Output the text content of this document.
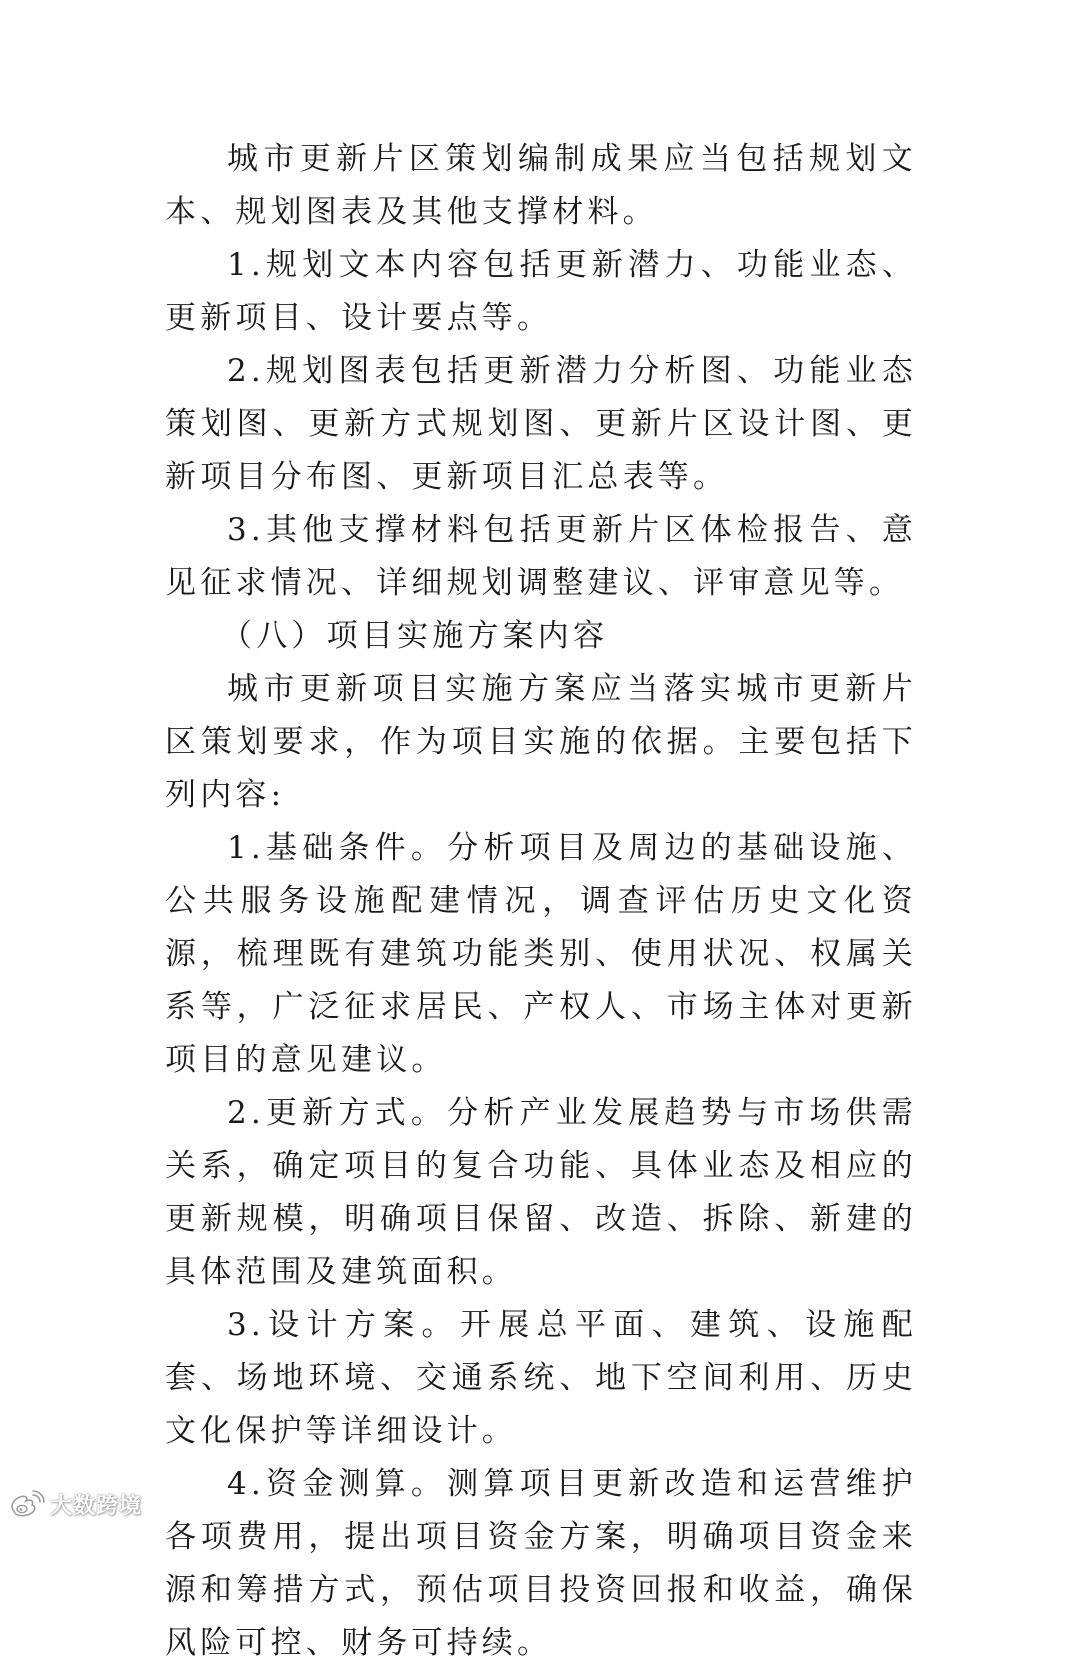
城市更新片区策划编制成果应当包括规划文本、规划图表及其他支撑材料。

1.规划文本内容包括更新潜力、功能业态、更新项目、设计要点等。

2.规划图表包括更新潜力分析图、功能业态策划图、更新方式规划图、更新片区设计图、更新项目分布图、更新项目汇总表等。

3.其他支撑材料包括更新片区体检报告、意见征求情况、详细规划调整建议、评审意见等。

（八）项目实施方案内容

城市更新项目实施方案应当落实城市更新片区策划要求，作为项目实施的依据。主要包括下列内容:

1.基础条件。分析项目及周边的基础设施、公共服务设施配建情况，调查评估历史文化资源，梳理既有建筑功能类别、使用状况、权属关系等，广泛征求居民、产权人、市场主体对更新项目的意见建议。

2.更新方式。分析产业发展趋势与市场供需关系，确定项目的复合功能、具体业态及相应的更新规模，明确项目保留、改造、拆除、新建的具体范围及建筑面积。

3.设计方案。开展总平面、建筑、设施配套、场地环境、交通系统、地下空间利用、历史文化保护等详细设计。

4.资金测算。测算项目更新改造和运营维护各项费用，提出项目资金方案，明确项目资金来源和筹措方式，预估项目投资回报和收益，确保风险可控、财务可持续。

大数跨境
